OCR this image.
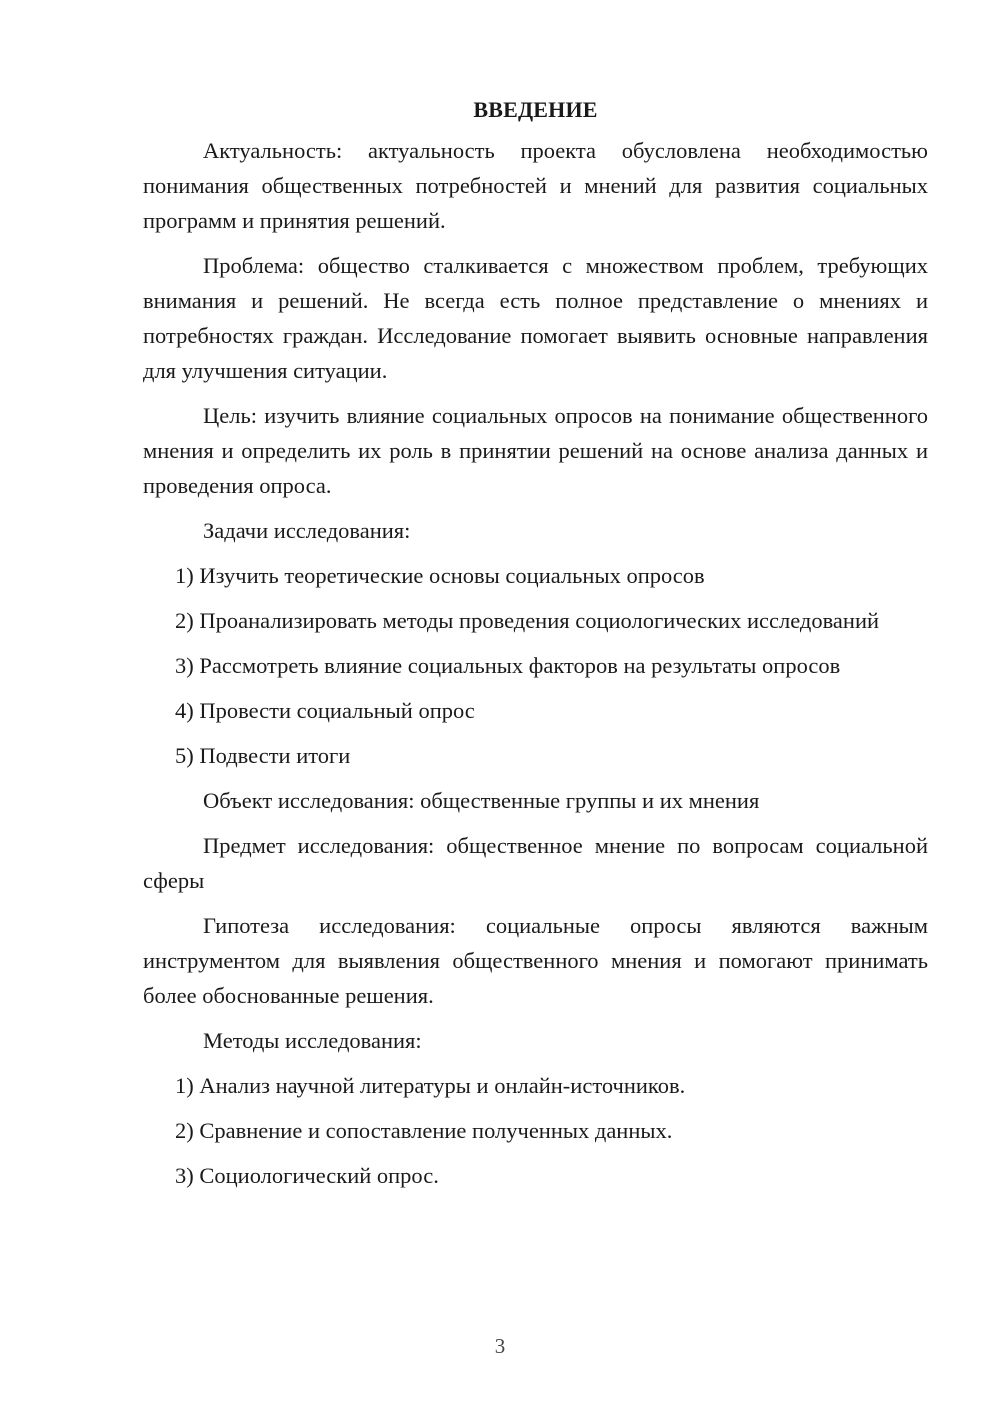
ВВЕДЕНИЕ

Актуальность: актуальность проекта обусловлена необходимостью понимания общественных потребностей и мнений для развития социальных программ и принятия решений.

Проблема: общество сталкивается с множеством проблем, требующих внимания и решений. Не всегда есть полное представление о мнениях и потребностях граждан. Исследование помогает выявить основные направления для улучшения ситуации.

Цель: изучить влияние социальных опросов на понимание общественного мнения и определить их роль в принятии решений на основе анализа данных и проведения опроса.

Задачи исследования:

1) Изучить теоретические основы социальных опросов

2) Проанализировать методы проведения социологических исследований

3) Рассмотреть влияние социальных факторов на результаты опросов

4) Провести социальный опрос

5) Подвести итоги

Объект исследования: общественные группы и их мнения

Предмет исследования: общественное мнение по вопросам социальной сферы

Гипотеза исследования: социальные опросы являются важным инструментом для выявления общественного мнения и помогают принимать более обоснованные решения.

Методы исследования:

1) Анализ научной литературы и онлайн-источников.

2) Сравнение и сопоставление полученных данных.

3) Социологический опрос.

3
